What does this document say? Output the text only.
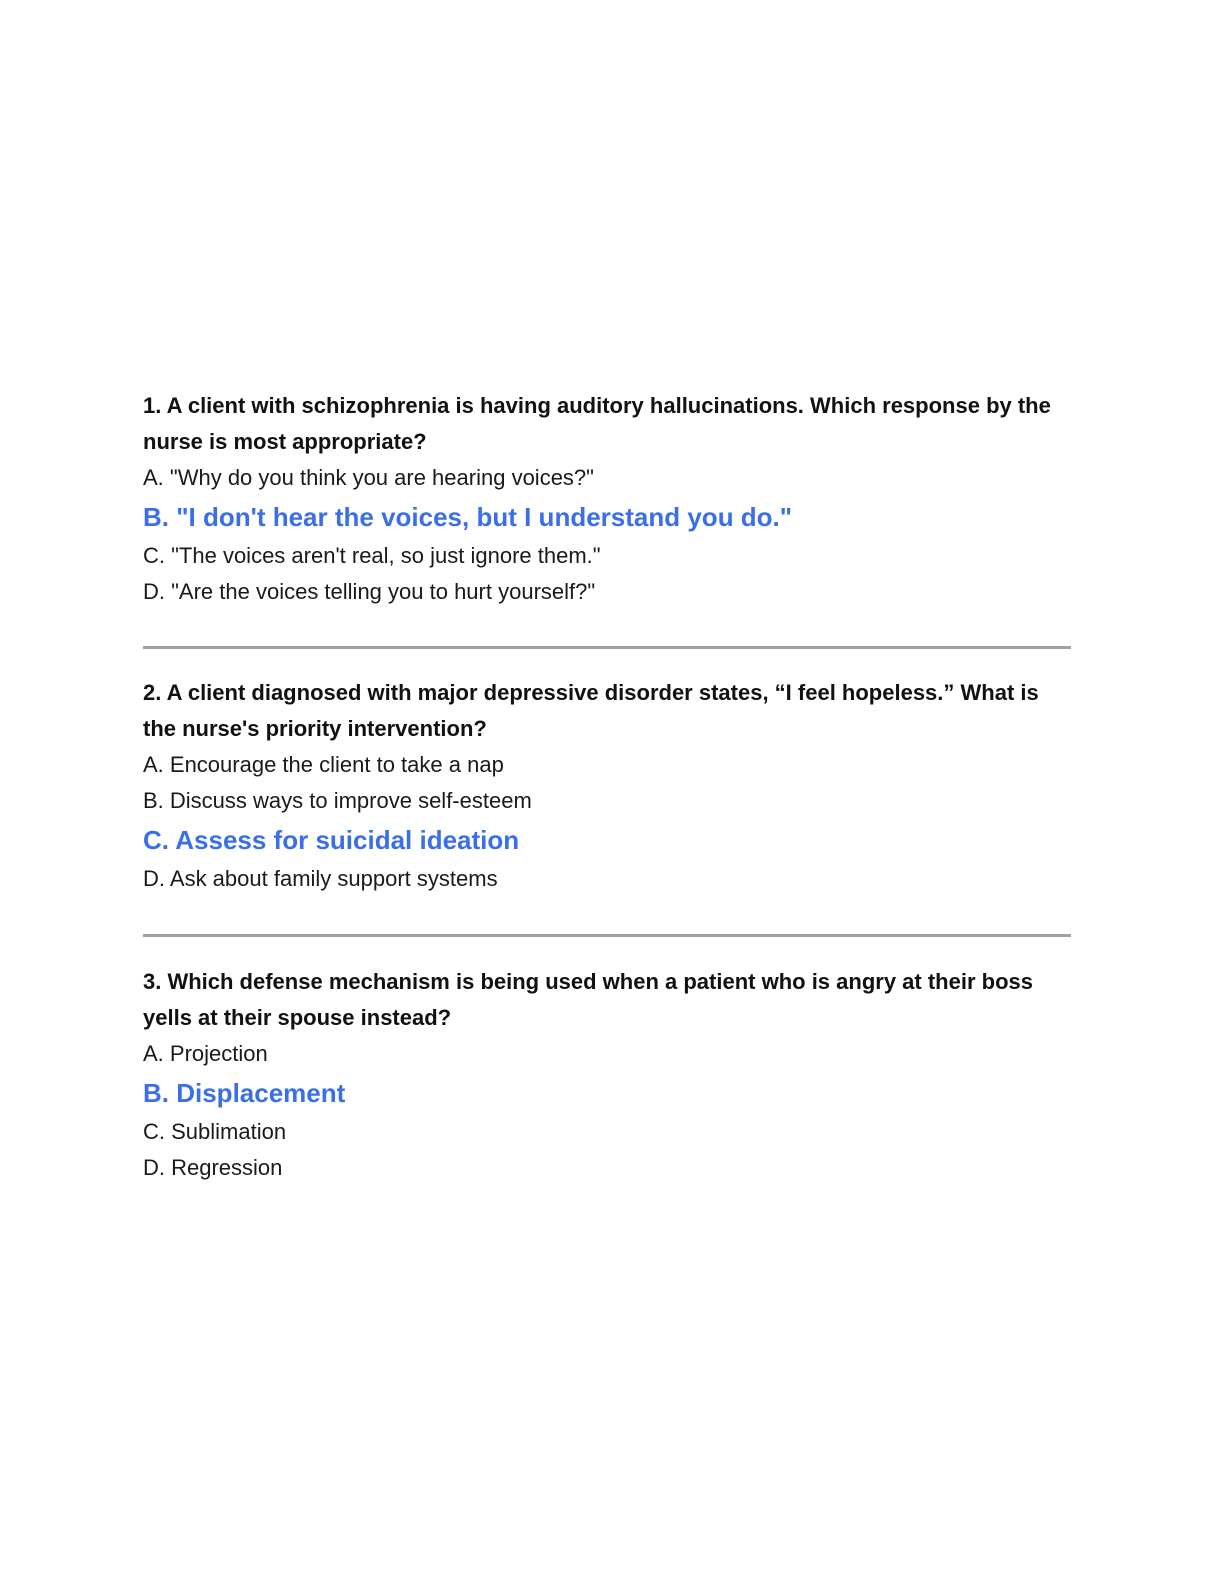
1. A client with schizophrenia is having auditory hallucinations. Which response by the nurse is most appropriate?

A. "Why do you think you are hearing voices?"

B. "I don't hear the voices, but I understand you do."

C. "The voices aren't real, so just ignore them."

D. "Are the voices telling you to hurt yourself?"

2. A client diagnosed with major depressive disorder states, “I feel hopeless.” What is the nurse's priority intervention?

A. Encourage the client to take a nap

B. Discuss ways to improve self-esteem

C. Assess for suicidal ideation

D. Ask about family support systems

3. Which defense mechanism is being used when a patient who is angry at their boss yells at their spouse instead?

A. Projection

B. Displacement

C. Sublimation

D. Regression
